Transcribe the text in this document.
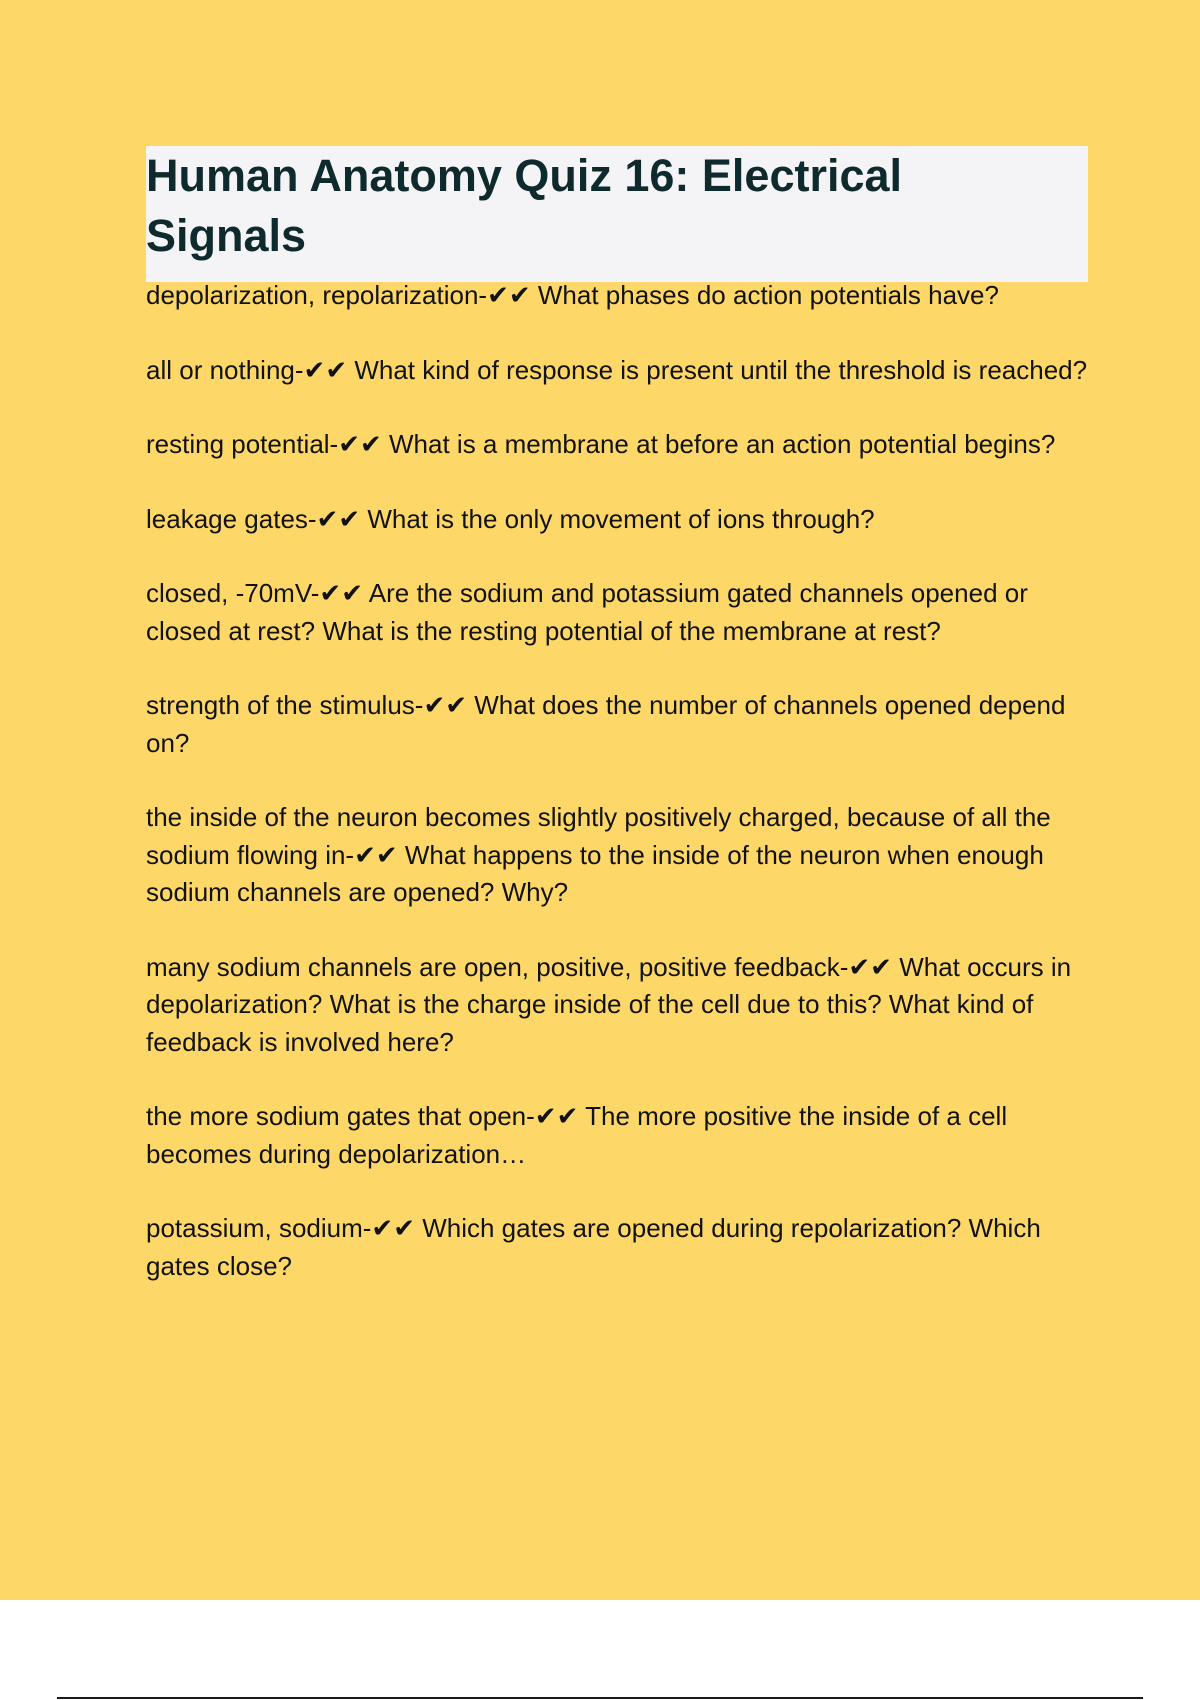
Human Anatomy Quiz 16: Electrical Signals

depolarization, repolarization-✔✔ What phases do action potentials have?

all or nothing-✔✔ What kind of response is present until the threshold is reached?

resting potential-✔✔ What is a membrane at before an action potential begins?

leakage gates-✔✔ What is the only movement of ions through?

closed, -70mV-✔✔ Are the sodium and potassium gated channels opened or closed at rest? What is the resting potential of the membrane at rest?

strength of the stimulus-✔✔ What does the number of channels opened depend on?

the inside of the neuron becomes slightly positively charged, because of all the sodium flowing in-✔✔ What happens to the inside of the neuron when enough sodium channels are opened? Why?

many sodium channels are open, positive, positive feedback-✔✔ What occurs in depolarization? What is the charge inside of the cell due to this? What kind of feedback is involved here?

the more sodium gates that open-✔✔ The more positive the inside of a cell becomes during depolarization…

potassium, sodium-✔✔ Which gates are opened during repolarization? Which gates close?
